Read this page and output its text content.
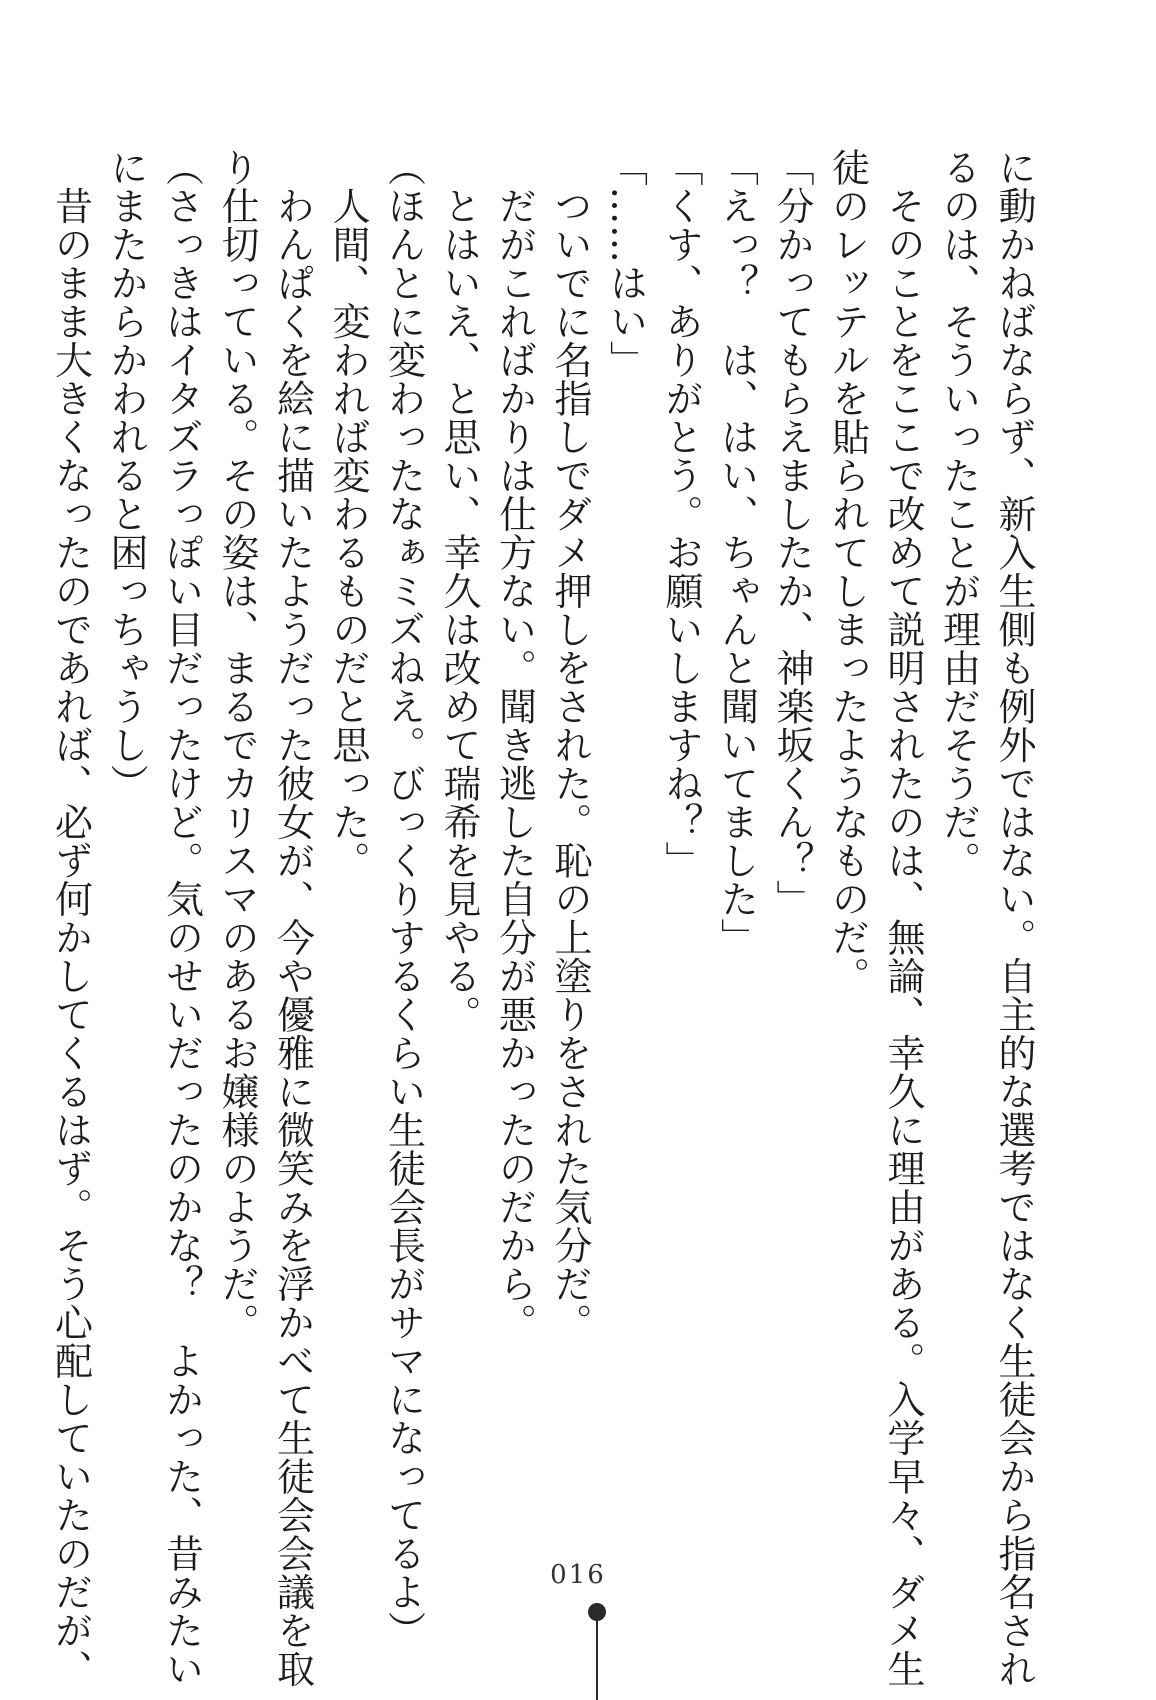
に動かねばならず、新入生側も例外ではない。自主的な選考ではなく生徒会から指名され
るのは、そういったことが理由だそうだ。
　そのことをここで改めて説明されたのは、無論、幸久に理由がある。入学早々、ダメ生
徒のレッテルを貼られてしまったようなものだ。
「分かってもらえましたか、神楽坂くん？」
「えっ？　は、はい、ちゃんと聞いてました」
「くす、ありがとう。お願いしますね？」
「……はい」
　ついでに名指しでダメ押しをされた。恥の上塗りをされた気分だ。
　だがこればかりは仕方ない。聞き逃した自分が悪かったのだから。
　とはいえ、と思い、幸久は改めて瑞希を見やる。
（ほんとに変わったなぁミズねえ。びっくりするくらい生徒会長がサマになってるよ）
　人間、変われば変わるものだと思った。
　わんぱくを絵に描いたようだった彼女が、今や優雅に微笑みを浮かべて生徒会会議を取
り仕切っている。その姿は、まるでカリスマのあるお嬢様のようだ。
（さっきはイタズラっぽい目だったけど。気のせいだったのかな？　よかった、昔みたい
にまたからかわれると困っちゃうし）
　昔のまま大きくなったのであれば、必ず何かしてくるはず。そう心配していたのだが、	016
